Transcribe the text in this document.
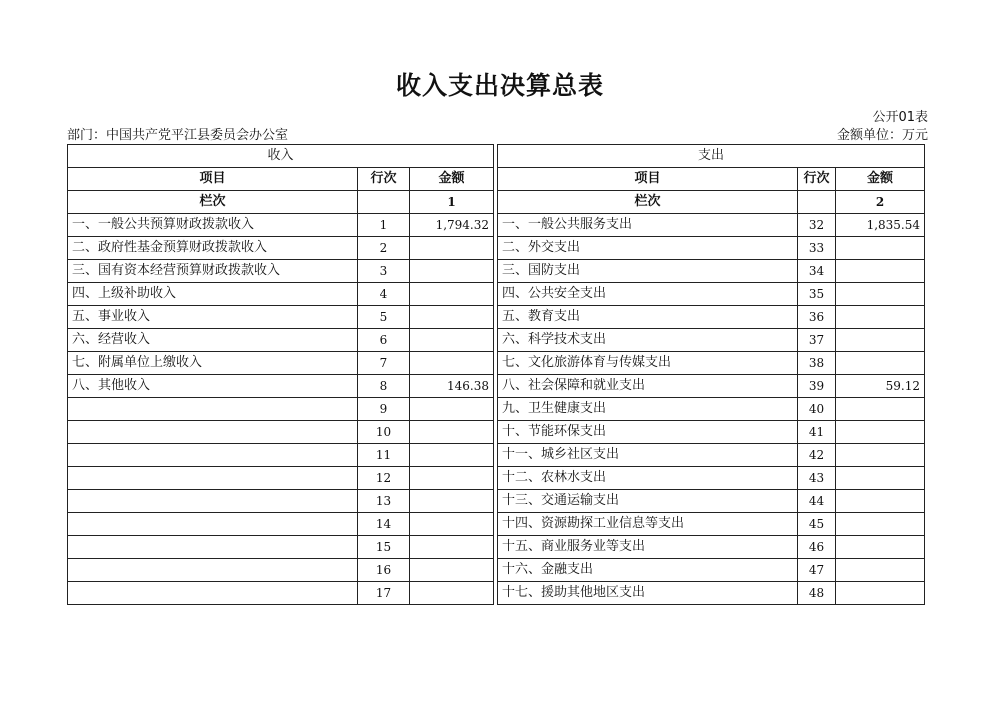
收入支出决算总表
公开01表
部门：中国共产党平江县委员会办公室	金额单位：万元
收入				支出		
项目	行次	金额		项目	行次	金额
栏次		1		栏次		2
一、一般公共预算财政拨款收入	1	1,794.32		一、一般公共服务支出	32	1,835.54
二、政府性基金预算财政拨款收入	2			二、外交支出	33	
三、国有资本经营预算财政拨款收入	3			三、国防支出	34	
四、上级补助收入	4			四、公共安全支出	35	
五、事业收入	5			五、教育支出	36	
六、经营收入	6			六、科学技术支出	37	
七、附属单位上缴收入	7			七、文化旅游体育与传媒支出	38	
八、其他收入	8	146.38		八、社会保障和就业支出	39	59.12
	9			九、卫生健康支出	40	
	10			十、节能环保支出	41	
	11			十一、城乡社区支出	42	
	12			十二、农林水支出	43	
	13			十三、交通运输支出	44	
	14			十四、资源勘探工业信息等支出	45	
	15			十五、商业服务业等支出	46	
	16			十六、金融支出	47	
	17			十七、援助其他地区支出	48	
